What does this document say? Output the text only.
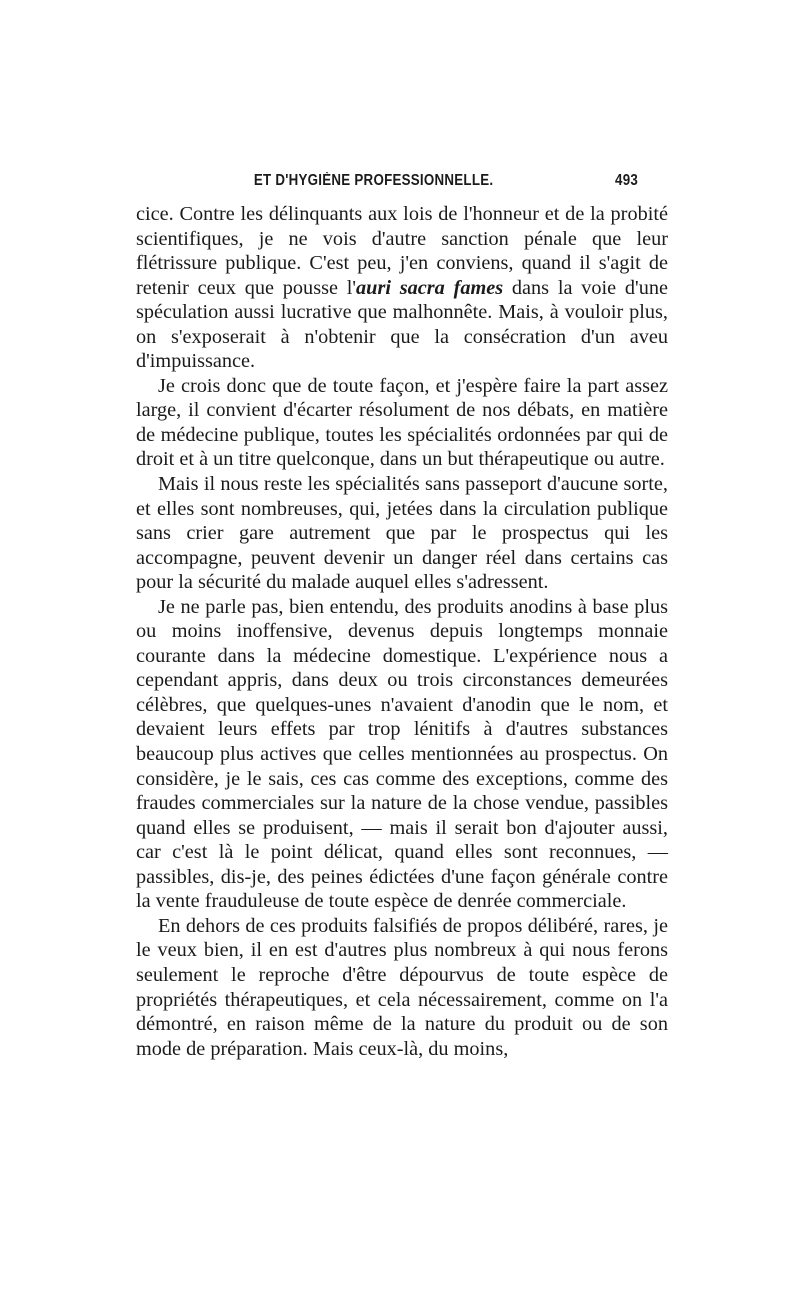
ET D'HYGIÈNE PROFESSIONNELLE.	493

cice. Contre les délinquants aux lois de l'honneur et de la probité scientifiques, je ne vois d'autre sanction pénale que leur flétrissure publique. C'est peu, j'en conviens, quand il s'agit de retenir ceux que pousse l'auri sacra fames dans la voie d'une spéculation aussi lucrative que malhonnête. Mais, à vouloir plus, on s'exposerait à n'obtenir que la consécration d'un aveu d'impuissance.

Je crois donc que de toute façon, et j'espère faire la part assez large, il convient d'écarter résolument de nos débats, en matière de médecine publique, toutes les spécialités ordonnées par qui de droit et à un titre quelconque, dans un but thérapeutique ou autre.

Mais il nous reste les spécialités sans passeport d'aucune sorte, et elles sont nombreuses, qui, jetées dans la circulation publique sans crier gare autrement que par le prospectus qui les accompagne, peuvent devenir un danger réel dans certains cas pour la sécurité du malade auquel elles s'adressent.

Je ne parle pas, bien entendu, des produits anodins à base plus ou moins inoffensive, devenus depuis longtemps monnaie courante dans la médecine domestique. L'expérience nous a cependant appris, dans deux ou trois circonstances demeurées célèbres, que quelques-unes n'avaient d'anodin que le nom, et devaient leurs effets par trop lénitifs à d'autres substances beaucoup plus actives que celles mentionnées au prospectus. On considère, je le sais, ces cas comme des exceptions, comme des fraudes commerciales sur la nature de la chose vendue, passibles quand elles se produisent, — mais il serait bon d'ajouter aussi, car c'est là le point délicat, quand elles sont reconnues, — passibles, dis-je, des peines édictées d'une façon générale contre la vente frauduleuse de toute espèce de denrée commerciale.

En dehors de ces produits falsifiés de propos délibéré, rares, je le veux bien, il en est d'autres plus nombreux à qui nous ferons seulement le reproche d'être dépourvus de toute espèce de propriétés thérapeutiques, et cela nécessairement, comme on l'a démontré, en raison même de la nature du produit ou de son mode de préparation. Mais ceux-là, du moins,
